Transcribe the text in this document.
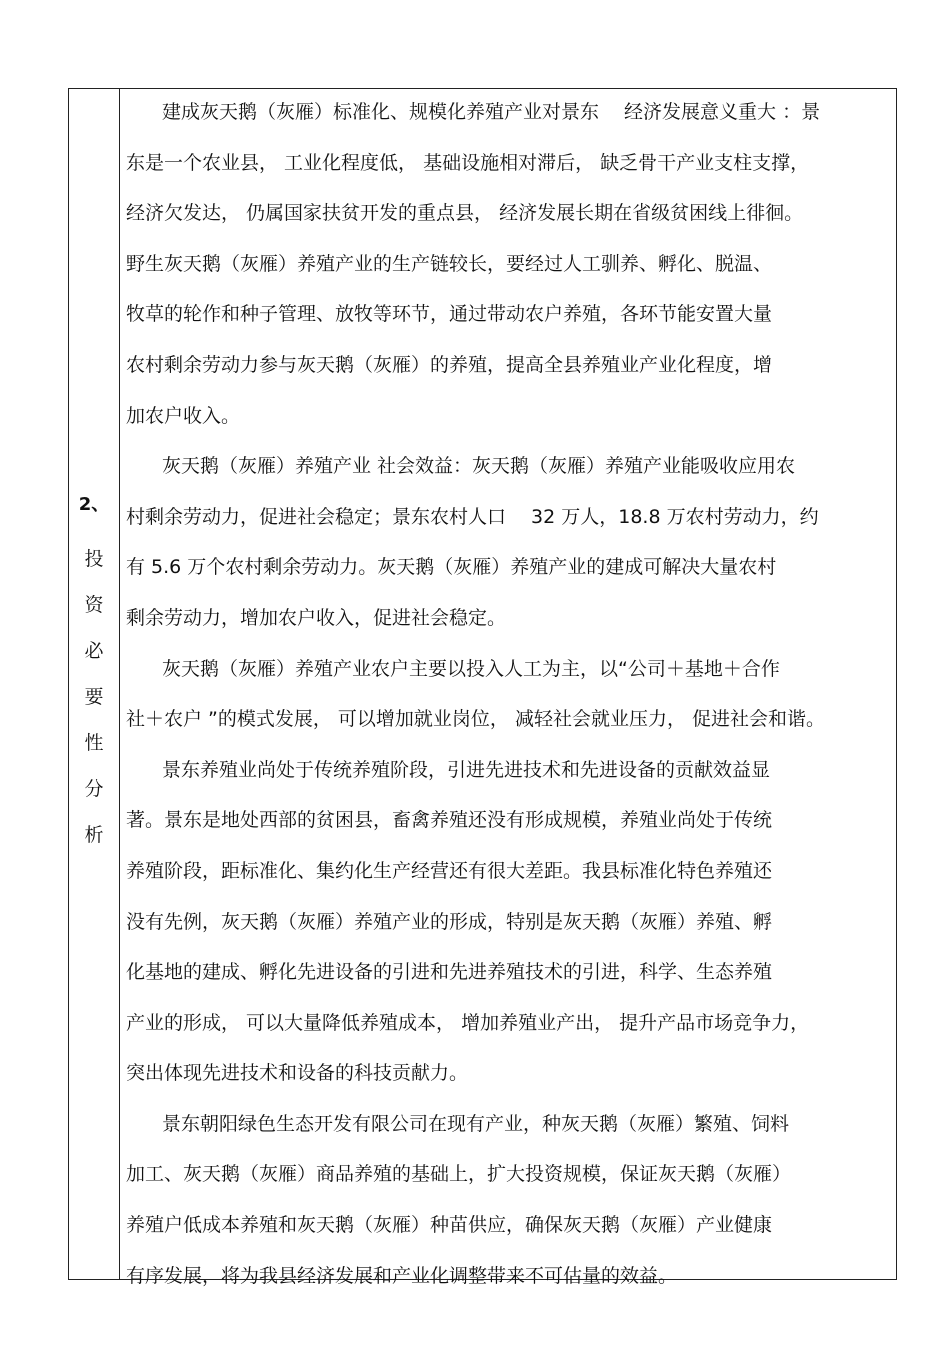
2、
投
资
必
要
性
分
析
建成灰天鹅（灰雁）标准化、规模化养殖产业对景东　 经济发展意义重大 ：景
东是一个农业县， 工业化程度低， 基础设施相对滞后， 缺乏骨干产业支柱支撑，
经济欠发达， 仍属国家扶贫开发的重点县， 经济发展长期在省级贫困线上徘徊。
野生灰天鹅（灰雁）养殖产业的生产链较长，要经过人工驯养、孵化、脱温、
牧草的轮作和种子管理、放牧等环节，通过带动农户养殖，各环节能安置大量
农村剩余劳动力参与灰天鹅（灰雁）的养殖，提高全县养殖业产业化程度，增
加农户收入。
灰天鹅（灰雁）养殖产业 社会效益：灰天鹅（灰雁）养殖产业能吸收应用农
村剩余劳动力，促进社会稳定；景东农村人口 　32 万人，18.8 万农村劳动力，约
有 5.6 万个农村剩余劳动力。灰天鹅（灰雁）养殖产业的建成可解决大量农村
剩余劳动力，增加农户收入，促进社会稳定。
灰天鹅（灰雁）养殖产业农户主要以投入人工为主，以“公司＋基地＋合作
社＋农户 ”的模式发展， 可以增加就业岗位， 减轻社会就业压力， 促进社会和谐。
景东养殖业尚处于传统养殖阶段，引进先进技术和先进设备的贡献效益显
著。景东是地处西部的贫困县，畜禽养殖还没有形成规模，养殖业尚处于传统
养殖阶段，距标准化、集约化生产经营还有很大差距。我县标准化特色养殖还
没有先例，灰天鹅（灰雁）养殖产业的形成，特别是灰天鹅（灰雁）养殖、孵
化基地的建成、孵化先进设备的引进和先进养殖技术的引进，科学、生态养殖
产业的形成， 可以大量降低养殖成本， 增加养殖业产出， 提升产品市场竞争力，
突出体现先进技术和设备的科技贡献力。
景东朝阳绿色生态开发有限公司在现有产业，种灰天鹅（灰雁）繁殖、饲料
加工、灰天鹅（灰雁）商品养殖的基础上，扩大投资规模，保证灰天鹅（灰雁）
养殖户低成本养殖和灰天鹅（灰雁）种苗供应，确保灰天鹅（灰雁）产业健康
有序发展，将为我县经济发展和产业化调整带来不可估量的效益。
